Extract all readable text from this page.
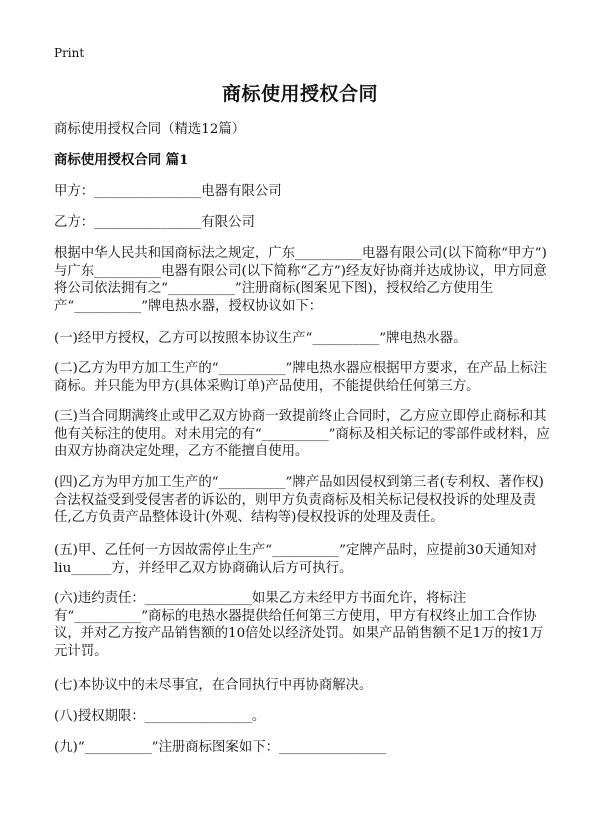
Print
商标使用授权合同

商标使用授权合同（精选12篇）

商标使用授权合同 篇1

甲方：________________电器有限公司

乙方：________________有限公司

根据中华人民共和国商标法之规定，广东__________电器有限公司(以下简称“甲方”)与广东__________电器有限公司(以下简称“乙方”)经友好协商并达成协议，甲方同意将公司依法拥有之“__________”注册商标(图案见下图)，授权给乙方使用生产“__________”牌电热水器，授权协议如下：

(一)经甲方授权，乙方可以按照本协议生产“__________”牌电热水器。

(二)乙方为甲方加工生产的“__________”牌电热水器应根据甲方要求，在产品上标注商标。并只能为甲方(具体采购订单)产品使用，不能提供给任何第三方。

(三)当合同期满终止或甲乙双方协商一致提前终止合同时，乙方应立即停止商标和其他有关标注的使用。对未用完的有“__________”商标及相关标记的零部件或材料，应由双方协商决定处理，乙方不能擅自使用。

(四)乙方为甲方加工生产的“__________”牌产品如因侵权到第三者(专利权、著作权)合法权益受到受侵害者的诉讼的，则甲方负责商标及相关标记侵权投诉的处理及责任,乙方负责产品整体设计(外观、结构等)侵权投诉的处理及责任。

(五)甲、乙任何一方因故需停止生产“__________”定牌产品时，应提前30天通知对liu______方，并经甲乙双方协商确认后方可执行。

(六)违约责任：________________如果乙方未经甲方书面允许，将标注有“__________”商标的电热水器提供给任何第三方使用，甲方有权终止加工合作协议，并对乙方按产品销售额的10倍处以经济处罚。如果产品销售额不足1万的按1万元计罚。

(七)本协议中的未尽事宜，在合同执行中再协商解决。

(八)授权期限：________________。

(九)“__________”注册商标图案如下：________________
